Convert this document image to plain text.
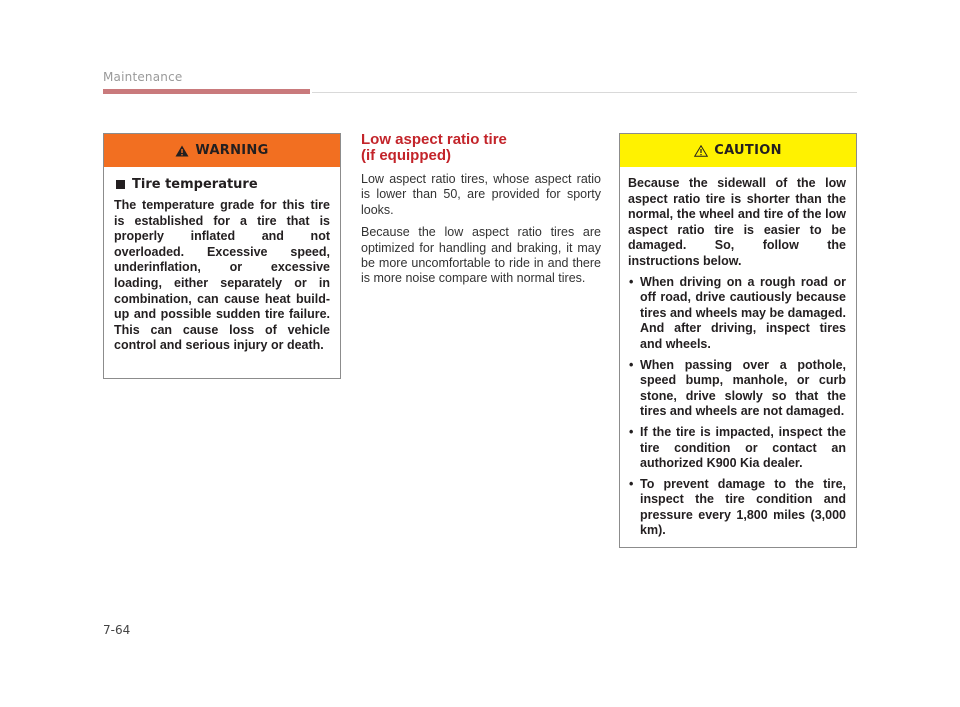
Maintenance
WARNING
Tire temperature

The temperature grade for this tire is established for a tire that is properly inflated and not overloaded. Excessive speed, underinflation, or excessive loading, either separately or in combination, can cause heat build-up and possible sudden tire failure. This can cause loss of vehicle control and serious injury or death.

Low aspect ratio tire
(if equipped)

Low aspect ratio tires, whose aspect ratio is lower than 50, are provided for sporty looks.

Because the low aspect ratio tires are optimized for handling and braking, it may be more uncomfortable to ride in and there is more noise compare with normal tires.

CAUTION

Because the sidewall of the low aspect ratio tire is shorter than the normal, the wheel and tire of the low aspect ratio tire is easier to be damaged. So, follow the instructions below.

• When driving on a rough road or off road, drive cautiously because tires and wheels may be damaged. And after driving, inspect tires and wheels.
• When passing over a pothole, speed bump, manhole, or curb stone, drive slowly so that the tires and wheels are not damaged.
• If the tire is impacted, inspect the tire condition or contact an authorized K900 Kia dealer.
• To prevent damage to the tire, inspect the tire condition and pressure every 1,800 miles (3,000 km).
7-64
